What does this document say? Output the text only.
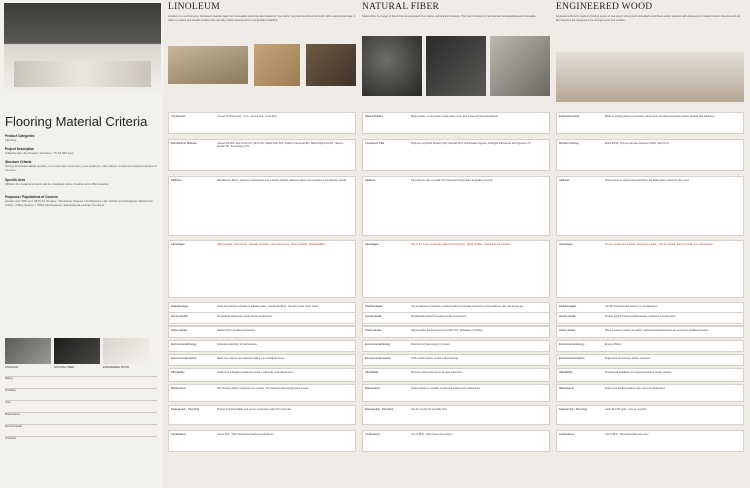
Flooring Material Criteria
Product Categories
Flooring
Project Description
Adaptive Re-Use Project | Houston, TX 10,000 sqm
Structure Criteria
Strong and dependable surface, eco-informed movement, user-partners. Information of various material choices of concern.
Specific Area
(Where the material product will be installed) Active Studios and Office spaces
Purposes / Populations of Concern
(weeks and 30% and 36%) Art Studies / Workshop Spaces / Architecture Lab / Artists and Designers Retail and Lobby / Office Spaces / Office Workspaces / Educational Learner Numbers
LINOLEUM	NATURAL FIBER	ENGINEERED WOOD
Rating
Durability
Cost
Maintenance
Environmental
Acoustics
LINOLEUM
Linoleum is a performance, bio-based material made from renewable resources like linseed oil, tree resins, recycled wood flour and cork, with a natural jute base. It offers a resilient and durable surface that naturally resists bacteria and is comfortable underfoot.
Constituents	Linseed oil (linseed oil) · resin · ground cork · wood flour
Manufacturer Modules	Linseed Oil 28%, Gum Rosin 2%, Tall Oil 6%, Wood Flour 31%, Calcium Carbonate 8%, Natural Pigments 5%, Titanium Dioxide 3%, Jute backing 17%
Additives	Manufacturer Blend - glued by professionals over a perfect subfloor. Adhesive sheets are produced in the backing material.
Advantages	Highly durable · Economical · Naturally antistatic · Low maintenance · Water resistant · Biodegradable
Disadvantages	Grout and moisture-sensitive to standing water · Needs resealing · Can dent under heavy loads
Human Health	No particular hazard for people and the environment
Indoor climate	Allows flooring climatic performance
Environmental Energy	Consumes electricity for maintenance
Environmental Carbon	Made from natural, raw materials making it an ecological choice
Affordability	Linoleum is a bargain compared to wood, ceramic tile, and natural stone
Maintenance	Wet Cleaning (Damp mopping) once a week · Dry Cleaning (Vacuuming) twice a week
Disassembly - Recycling	Product is biodegradable and can be composted. Lasts 20 to 40 years
Certifications	Link to EPD · https://pixel.forbo-flooring.com/linoleum
NATURAL FIBER
Natural fiber is a range of fibers that are generated from plants, animals and minerals. They can be woven or laid and are biodegradable and renewable.
Natural Rubber	Made of latex - a sap found in para rubber trees, also known as Hevea brasiliensis
Constituent Tiles	Polymers (Synthetic Rubber) 18%, Minerals 40%, Vulcanisation Agents, Antifungal Substances and Pigments 7%
Additives	Tiles that are easy to install. Their fast interlocking edges fit together securely.
Advantages	One of the most eco-friendly resilient flooring types · Highly durable · Sound and slip resistant
Disadvantages	Can be dipped in production of natural rubber to increase resistance to hydrocarbons, fats, oils and grease.
Human Health	No particular hazard for people and the environment
Indoor climate	Natural rubber flooring does not contain PVC, phthalates or chlorine
Environmental Energy	Requires very low energy to produce
Environmental Carbon	CO2 neutral (Carbon neutral rubber flooring)
Affordability	Premium rubber flooring can be quite expensive
Maintenance	Sealed surface is resistant to wear and requires low maintenance
Disassembly - Recycling	Can be recycled by specialty firms
Certifications	Link to EPD · https://pixel.nora.com/en/
ENGINEERED WOOD
Engineered Wood is made by binding pieces of real wood, using wood, shredded wood fibers and/or sawdust with adhesives to create products that look and act like wood but are designed to be stronger and more durable.
Engineered wood	Made by binding pieces of real wood, using wood, shredded wood fibers and/or sawdust with adhesives
Wooden Flooring	Wood 68.9%, Polyvinyl Acetate Adhesive 0.06%, Stain 0.1%
Additives	Which comes in engineered wood floors, the floating floor method is often used.
Advantages	Doesn't expand and contract · Extremely durable · Can be sanded · Easy to install · Low maintenance
Disadvantages	Can Be Scratched and Dented · Is not waterproof
Human Health	Product good for human health because it tested to emit low levels
Indoor climate	When it comes to indoor air quality, engineered hardwood floors are among the healthiest choices
Environmental Energy	Energy efficient
Environmental Carbon	Engineered wood lowers carbon emissions
Affordability	Professional installation of engineered wood is usually cheaper
Maintenance	Engineered hardwood offers easy care and maintenance
Disassembly - Recycling	Lasts 30 to 80 years · Can be recycled
Certifications	Link to EPD · https://pixel.floor-care.com/
